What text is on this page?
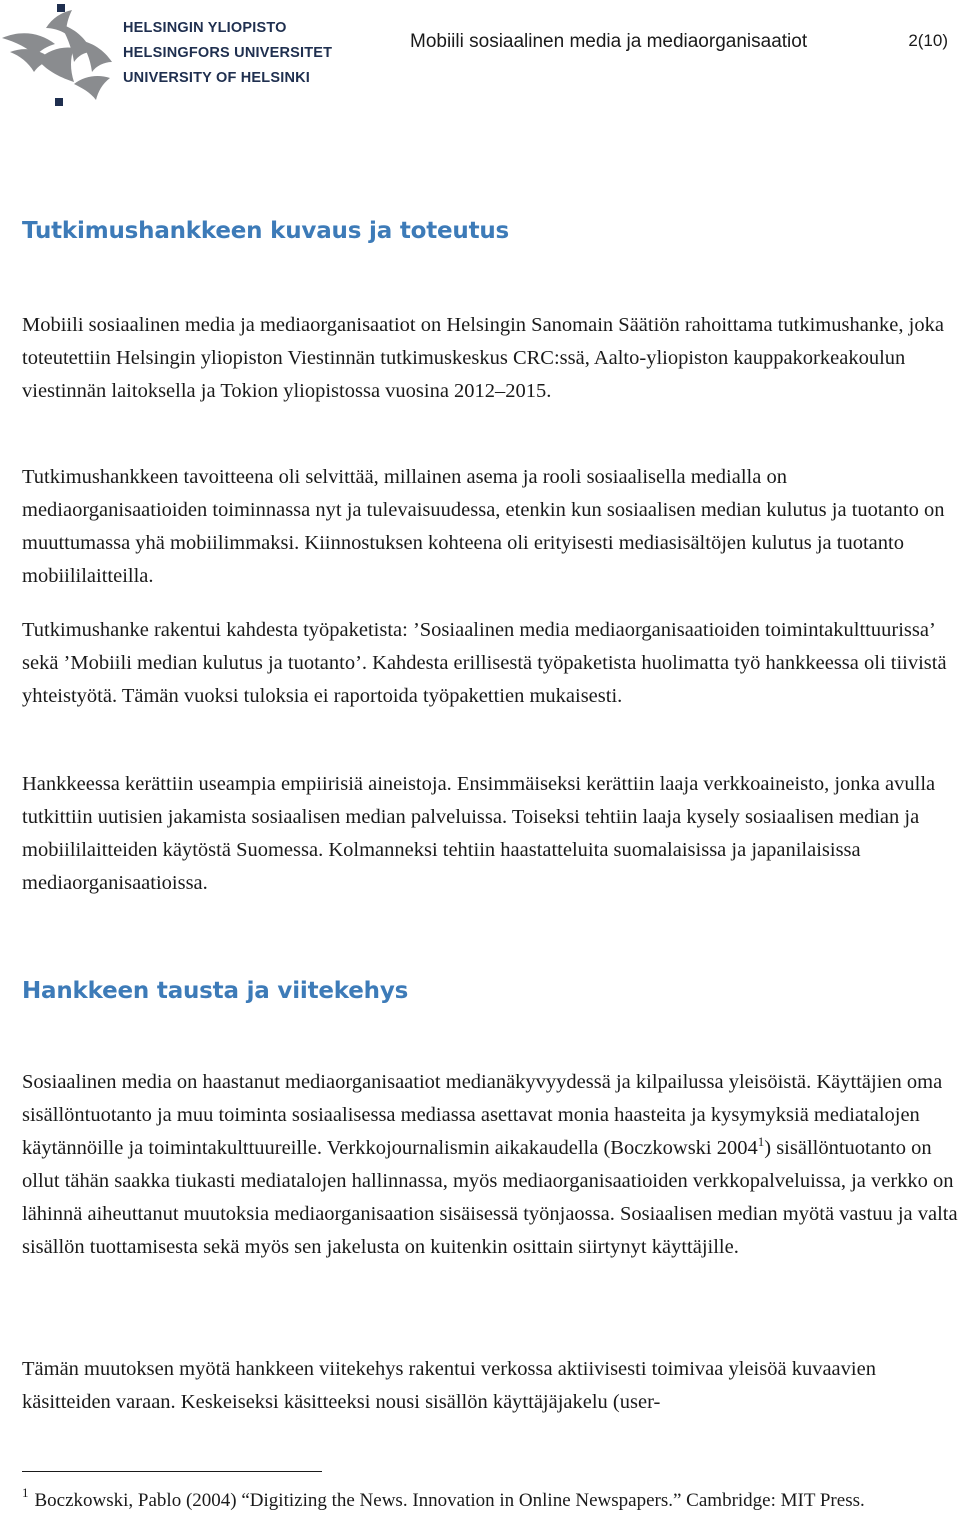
HELSINGIN YLIOPISTO
HELSINGFORS UNIVERSITET
UNIVERSITY OF HELSINKI
Mobiili sosiaalinen media ja mediaorganisaatiot	2(10)
Tutkimushankkeen kuvaus ja toteutus

Mobiili sosiaalinen media ja mediaorganisaatiot on Helsingin Sanomain Säätiön rahoittama tutkimushanke, joka toteutettiin Helsingin yliopiston Viestinnän tutkimuskeskus CRC:ssä, Aalto-yliopiston kauppakorkeakoulun viestinnän laitoksella ja Tokion yliopistossa vuosina 2012–2015.

Tutkimushankkeen tavoitteena oli selvittää, millainen asema ja rooli sosiaalisella medialla on mediaorganisaatioiden toiminnassa nyt ja tulevaisuudessa, etenkin kun sosiaalisen median kulutus ja tuotanto on muuttumassa yhä mobiilimmaksi. Kiinnostuksen kohteena oli erityisesti mediasisältöjen kulutus ja tuotanto mobiililaitteilla.

Tutkimushanke rakentui kahdesta työpaketista: ’Sosiaalinen media mediaorganisaatioiden toimintakulttuurissa’ sekä ’Mobiili median kulutus ja tuotanto’. Kahdesta erillisestä työpaketista huolimatta työ hankkeessa oli tiivistä yhteistyötä. Tämän vuoksi tuloksia ei raportoida työpakettien mukaisesti.

Hankkeessa kerättiin useampia empiirisiä aineistoja. Ensimmäiseksi kerättiin laaja verkkoaineisto, jonka avulla tutkittiin uutisien jakamista sosiaalisen median palveluissa. Toiseksi tehtiin laaja kysely sosiaalisen median ja mobiililaitteiden käytöstä Suomessa. Kolmanneksi tehtiin haastatteluita suomalaisissa ja japanilaisissa mediaorganisaatioissa.

Hankkeen tausta ja viitekehys

Sosiaalinen media on haastanut mediaorganisaatiot medianäkyvyydessä ja kilpailussa yleisöistä. Käyttäjien oma sisällöntuotanto ja muu toiminta sosiaalisessa mediassa asettavat monia haasteita ja kysymyksiä mediatalojen käytännöille ja toimintakulttuureille. Verkkojournalismin aikakaudella (Boczkowski 2004$^1$) sisällöntuotanto on ollut tähän saakka tiukasti mediatalojen hallinnassa, myös mediaorganisaatioiden verkkopalveluissa, ja verkko on lähinnä aiheuttanut muutoksia mediaorganisaation sisäisessä työnjaossa. Sosiaalisen median myötä vastuu ja valta sisällön tuottamisesta sekä myös sen jakelusta on kuitenkin osittain siirtynyt käyttäjille.

Tämän muutoksen myötä hankkeen viitekehys rakentui verkossa aktiivisesti toimivaa yleisöä kuvaavien käsitteiden varaan. Keskeiseksi käsitteeksi nousi sisällön käyttäjäjakelu (user-

$^1$ Boczkowski, Pablo (2004) “Digitizing the News. Innovation in Online Newspapers.” Cambridge: MIT Press.
